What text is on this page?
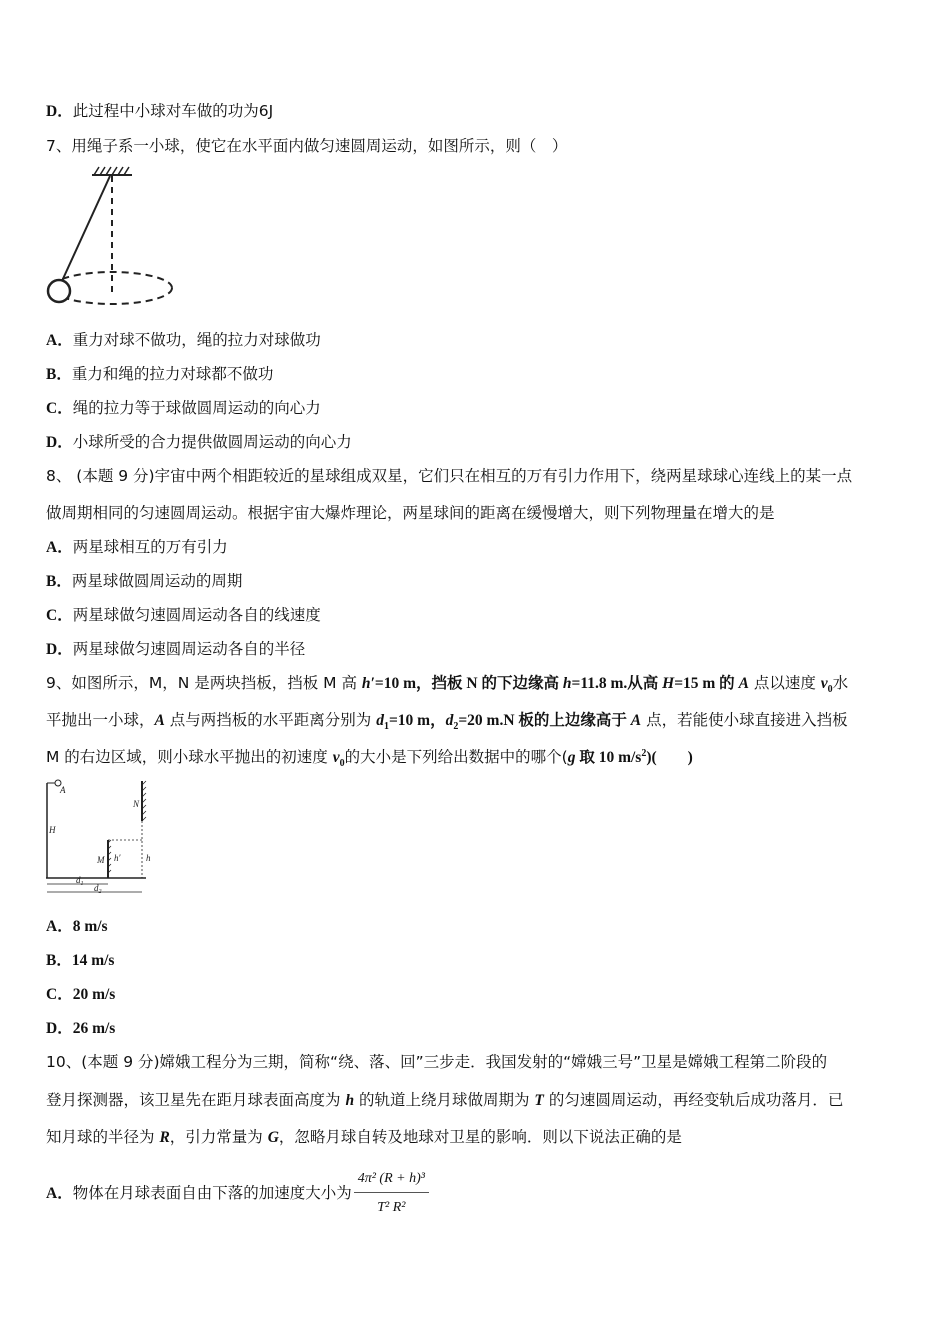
D．此过程中小球对车做的功为6J
7、用绳子系一小球，使它在水平面内做匀速圆周运动，如图所示，则（　）
A．重力对球不做功，绳的拉力对球做功
B．重力和绳的拉力对球都不做功
C．绳的拉力等于球做圆周运动的向心力
D．小球所受的合力提供做圆周运动的向心力
8、 (本题 9 分)宇宙中两个相距较近的星球组成双星，它们只在相互的万有引力作用下，绕两星球球心连线上的某一点
做周期相同的匀速圆周运动。根据宇宙大爆炸理论，两星球间的距离在缓慢增大，则下列物理量在增大的是
A．两星球相互的万有引力
B．两星球做圆周运动的周期
C．两星球做匀速圆周运动各自的线速度
D．两星球做匀速圆周运动各自的半径
9、如图所示，M，N 是两块挡板，挡板 M 高 h′=10 m，挡板 N 的下边缘高 h=11.8 m.从高 H=15 m 的 A 点以速度 $v_0$水
平抛出一小球，A 点与两挡板的水平距离分别为 $d_1=10$ m，$d_2=20$ m.N 板的上边缘高于 A 点，若能使小球直接进入挡板
M 的右边区域，则小球水平抛出的初速度 $v_0$的大小是下列给出数据中的哪个(g 取 10 $m/s^2$)(　　)
A
H
M h′
N
h
$d_1$ $d_2$
A．8 m/s
B．14 m/s
C．20 m/s
D．26 m/s
10、(本题 9 分)嫦娥工程分为三期，简称“绕、落、回”三步走．我国发射的“嫦娥三号”卫星是嫦娥工程第二阶段的
登月探测器，该卫星先在距月球表面高度为 h 的轨道上绕月球做周期为 T 的匀速圆周运动，再经变轨后成功落月．已
知月球的半径为 R，引力常量为 G，忽略月球自转及地球对卫星的影响．则以下说法正确的是
A．物体在月球表面自由下落的加速度大小为 $\frac{\text{4π² (R + h)³}}{\text{T² R²}}$
